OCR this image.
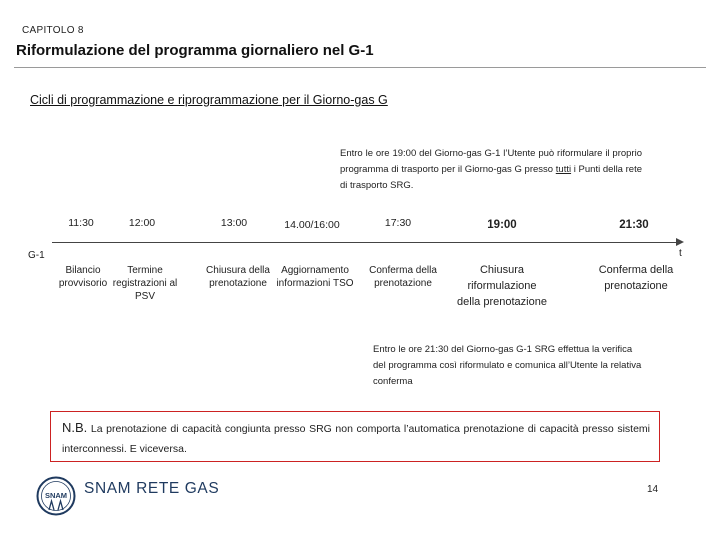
CAPITOLO 8
Riformulazione del programma giornaliero nel G-1
Cicli di programmazione e riprogrammazione per il Giorno-gas G
Entro le ore 19:00 del Giorno-gas G-1 l’Utente può riformulare il proprio programma di trasporto per il Giorno-gas G presso tutti i Punti della rete di trasporto SRG.
11:30	12:00	13:00	14.00/16:00	17:30	19:00	21:30
G-1	t
Bilancio provvisorio
Termine registrazioni al PSV
Chiusura della prenotazione
Aggiornamento informazioni TSO
Conferma della prenotazione
Chiusura riformulazione della prenotazione
Conferma della prenotazione
Entro le ore 21:30 del Giorno-gas G-1 SRG effettua la verifica del programma così riformulato e comunica all’Utente la relativa conferma
N.B. La prenotazione di capacità congiunta presso SRG non comporta l’automatica prenotazione di capacità presso sistemi interconnessi. E viceversa.
SNAM SNAM RETE GAS	14
